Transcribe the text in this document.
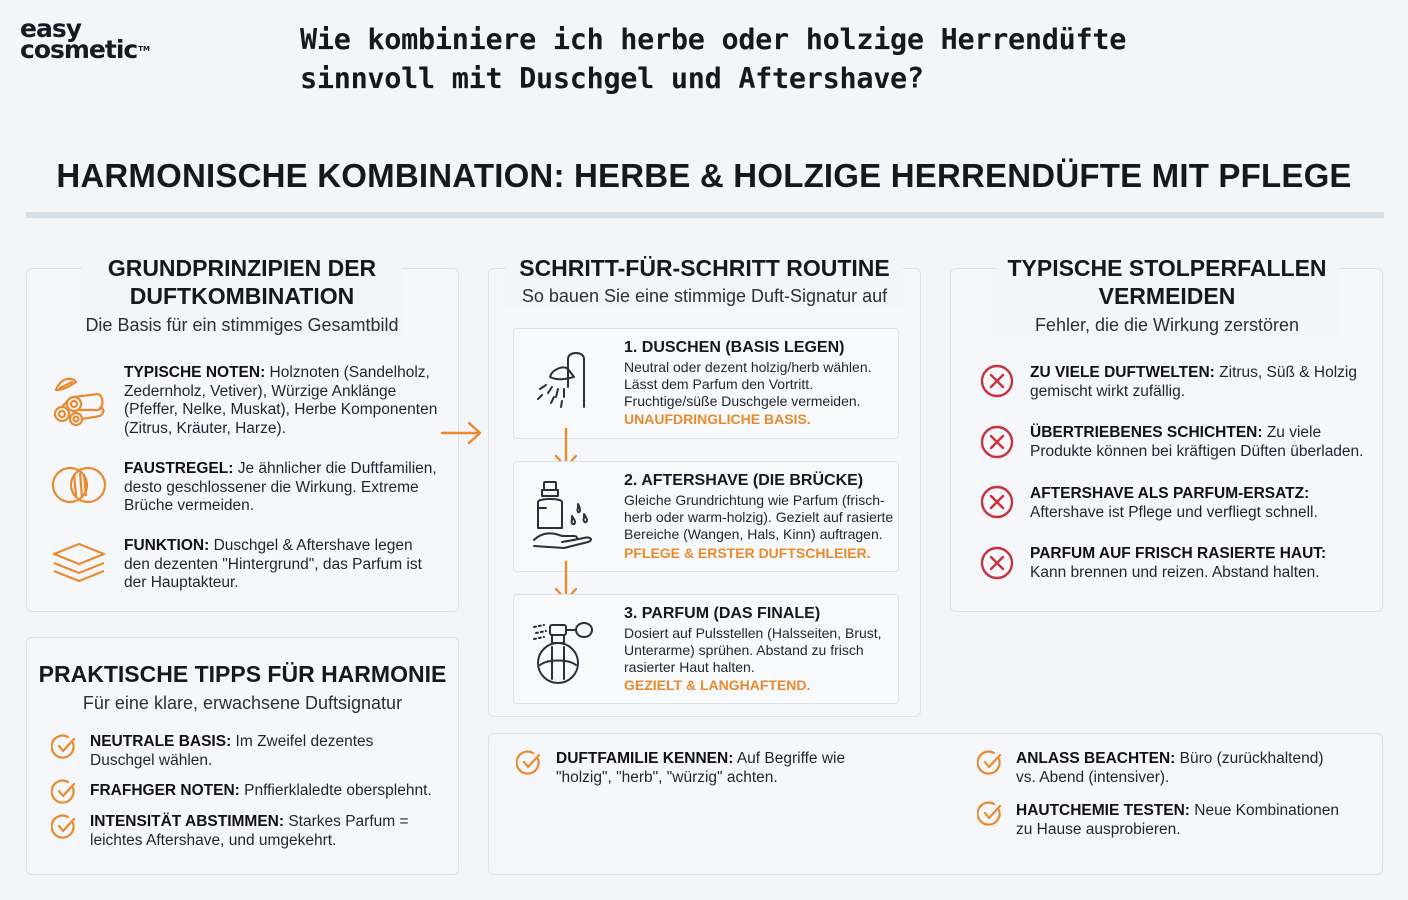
easy
cosmetic™	Wie kombiniere ich herbe oder holzige Herrendüfte sinnvoll mit Duschgel und Aftershave?
HARMONISCHE KOMBINATION: HERBE & HOLZIGE HERRENDÜFTE MIT PFLEGE
GRUNDPRINZIPIEN DER DUFTKOMBINATION
Die Basis für ein stimmiges Gesamtbild
TYPISCHE NOTEN: Holznoten (Sandelholz, Zedernholz, Vetiver), Würzige Anklänge (Pfeffer, Nelke, Muskat), Herbe Komponenten (Zitrus, Kräuter, Harze).
FAUSTREGEL: Je ähnlicher die Duftfamilien, desto geschlossener die Wirkung. Extreme Brüche vermeiden.
FUNKTION: Duschgel & Aftershave legen den dezenten "Hintergrund", das Parfum ist der Hauptakteur.
1. DUSCHEN (BASIS LEGEN)
Neutral oder dezent holzig/herb wählen. Lässt dem Parfum den Vortritt. Fruchtige/süße Duschgele vermeiden.
UNAUFDRINGLICHE BASIS.
2. AFTERSHAVE (DIE BRÜCKE)
Gleiche Grundrichtung wie Parfum (frisch-herb oder warm-holzig). Gezielt auf rasierte Bereiche (Wangen, Hals, Kinn) auftragen.
PFLEGE & ERSTER DUFTSCHLEIER.
3. PARFUM (DAS FINALE)
Dosiert auf Pulsstellen (Halsseiten, Brust, Unterarme) sprühen. Abstand zu frisch rasierter Haut halten.
GEZIELT & LANGHAFTEND.
SCHRITT-FÜR-SCHRITT ROUTINE
So bauen Sie eine stimmige Duft-Signatur auf
TYPISCHE STOLPERFALLEN VERMEIDEN
Fehler, die die Wirkung zerstören
ZU VIELE DUFTWELTEN: Zitrus, Süß & Holzig gemischt wirkt zufällig.
ÜBERTRIEBENES SCHICHTEN: Zu viele Produkte können bei kräftigen Düften überladen.
AFTERSHAVE ALS PARFUM-ERSATZ: Aftershave ist Pflege und verfliegt schnell.
PARFUM AUF FRISCH RASIERTE HAUT: Kann brennen und reizen. Abstand halten.
PRAKTISCHE TIPPS FÜR HARMONIE
Für eine klare, erwachsene Duftsignatur
NEUTRALE BASIS: Im Zweifel dezentes Duschgel wählen.
FRAFHGER NOTEN: Pnffierklaledte obersplehnt.
INTENSITÄT ABSTIMMEN: Starkes Parfum = leichtes Aftershave, und umgekehrt.
DUFTFAMILIE KENNEN: Auf Begriffe wie "holzig", "herb", "würzig" achten.
ANLASS BEACHTEN: Büro (zurückhaltend) vs. Abend (intensiver).
HAUTCHEMIE TESTEN: Neue Kombinationen zu Hause ausprobieren.
